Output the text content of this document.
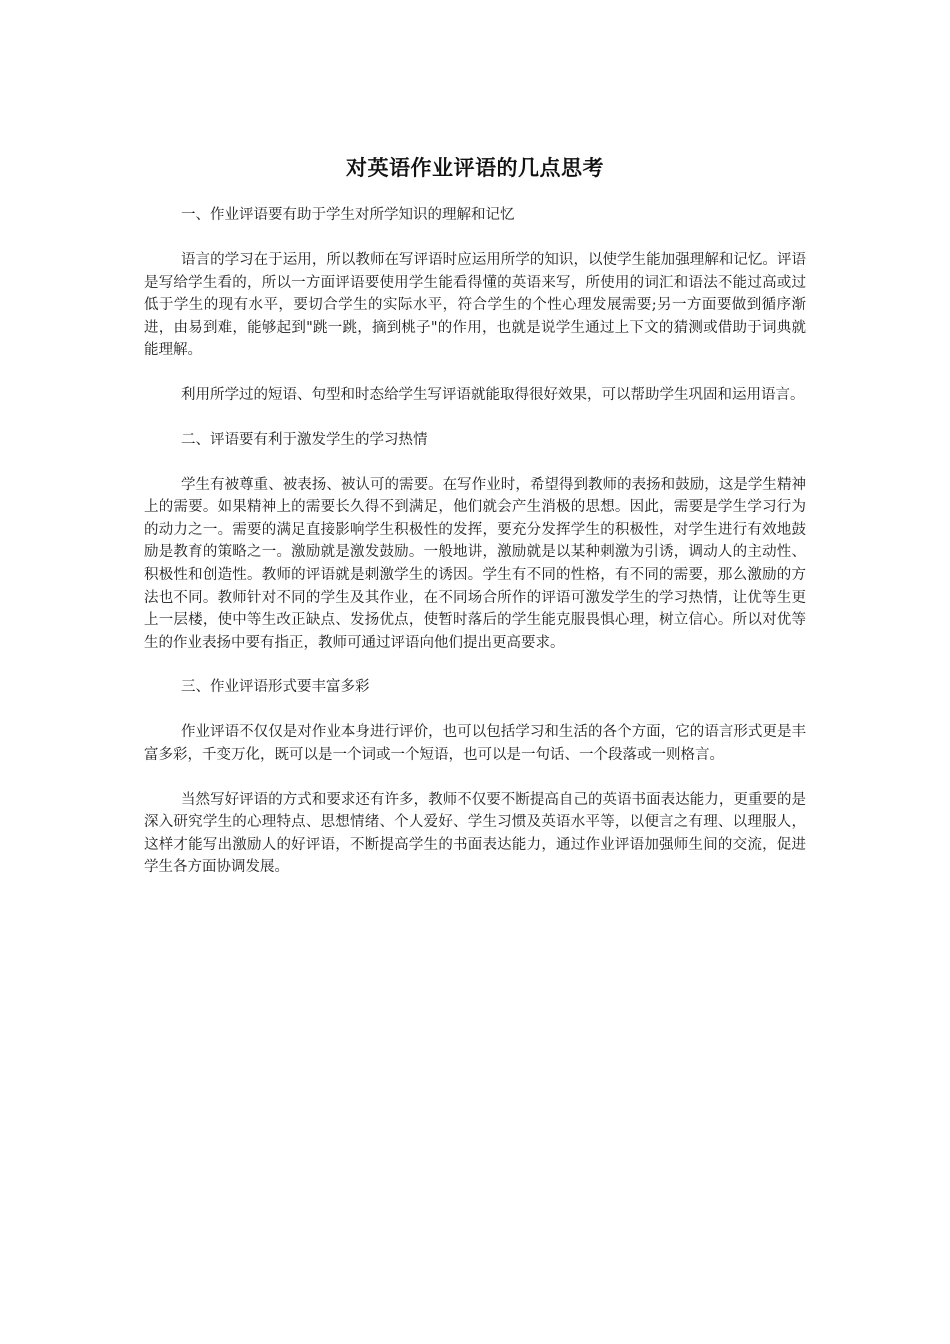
对英语作业评语的几点思考

一、作业评语要有助于学生对所学知识的理解和记忆

语言的学习在于运用，所以教师在写评语时应运用所学的知识，以使学生能加强理解和记忆。评语是写给学生看的，所以一方面评语要使用学生能看得懂的英语来写，所使用的词汇和语法不能过高或过低于学生的现有水平，要切合学生的实际水平，符合学生的个性心理发展需要;另一方面要做到循序渐进，由易到难，能够起到"跳一跳，摘到桃子"的作用，也就是说学生通过上下文的猜测或借助于词典就能理解。

利用所学过的短语、句型和时态给学生写评语就能取得很好效果，可以帮助学生巩固和运用语言。

二、评语要有利于激发学生的学习热情

学生有被尊重、被表扬、被认可的需要。在写作业时，希望得到教师的表扬和鼓励，这是学生精神上的需要。如果精神上的需要长久得不到满足，他们就会产生消极的思想。因此，需要是学生学习行为的动力之一。需要的满足直接影响学生积极性的发挥，要充分发挥学生的积极性，对学生进行有效地鼓励是教育的策略之一。激励就是激发鼓励。一般地讲，激励就是以某种刺激为引诱，调动人的主动性、积极性和创造性。教师的评语就是刺激学生的诱因。学生有不同的性格，有不同的需要，那么激励的方法也不同。教师针对不同的学生及其作业，在不同场合所作的评语可激发学生的学习热情，让优等生更上一层楼，使中等生改正缺点、发扬优点，使暂时落后的学生能克服畏惧心理，树立信心。所以对优等生的作业表扬中要有指正，教师可通过评语向他们提出更高要求。

三、作业评语形式要丰富多彩

作业评语不仅仅是对作业本身进行评价，也可以包括学习和生活的各个方面，它的语言形式更是丰富多彩，千变万化，既可以是一个词或一个短语，也可以是一句话、一个段落或一则格言。

当然写好评语的方式和要求还有许多，教师不仅要不断提高自己的英语书面表达能力，更重要的是深入研究学生的心理特点、思想情绪、个人爱好、学生习惯及英语水平等，以便言之有理、以理服人，这样才能写出激励人的好评语，不断提高学生的书面表达能力，通过作业评语加强师生间的交流，促进学生各方面协调发展。
